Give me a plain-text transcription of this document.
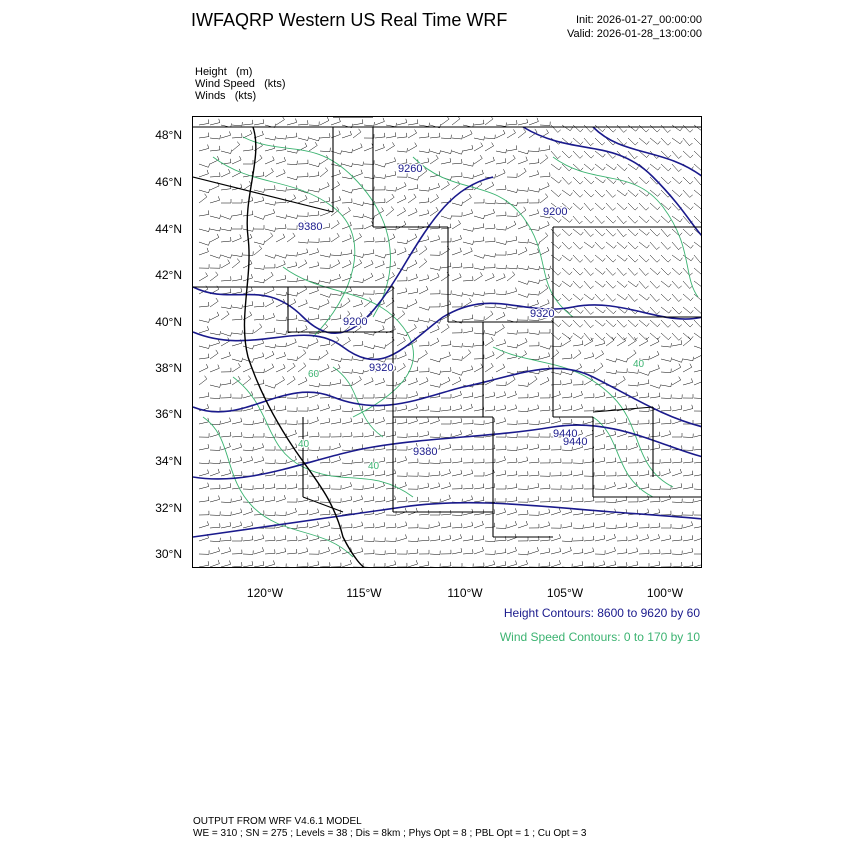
IWFAQRP Western US Real Time WRF	Init: 2026-01-27_00:00:00
Valid: 2026-01-28_13:00:00
Height (m)
Wind Speed (kts)
Winds (kts)
9260
9200
9380
9200
9320
9320
9380
9440
9440
40
40
60
40
48°N
46°N
44°N
42°N
40°N
38°N
36°N
34°N
32°N
30°N
120°W	115°W	110°W	105°W	100°W
Height Contours: 8600 to 9620 by 60
Wind Speed Contours: 0 to 170 by 10
OUTPUT FROM WRF V4.6.1 MODEL
WE = 310 ; SN = 275 ; Levels = 38 ; Dis = 8km ; Phys Opt = 8 ; PBL Opt = 1 ; Cu Opt = 3
